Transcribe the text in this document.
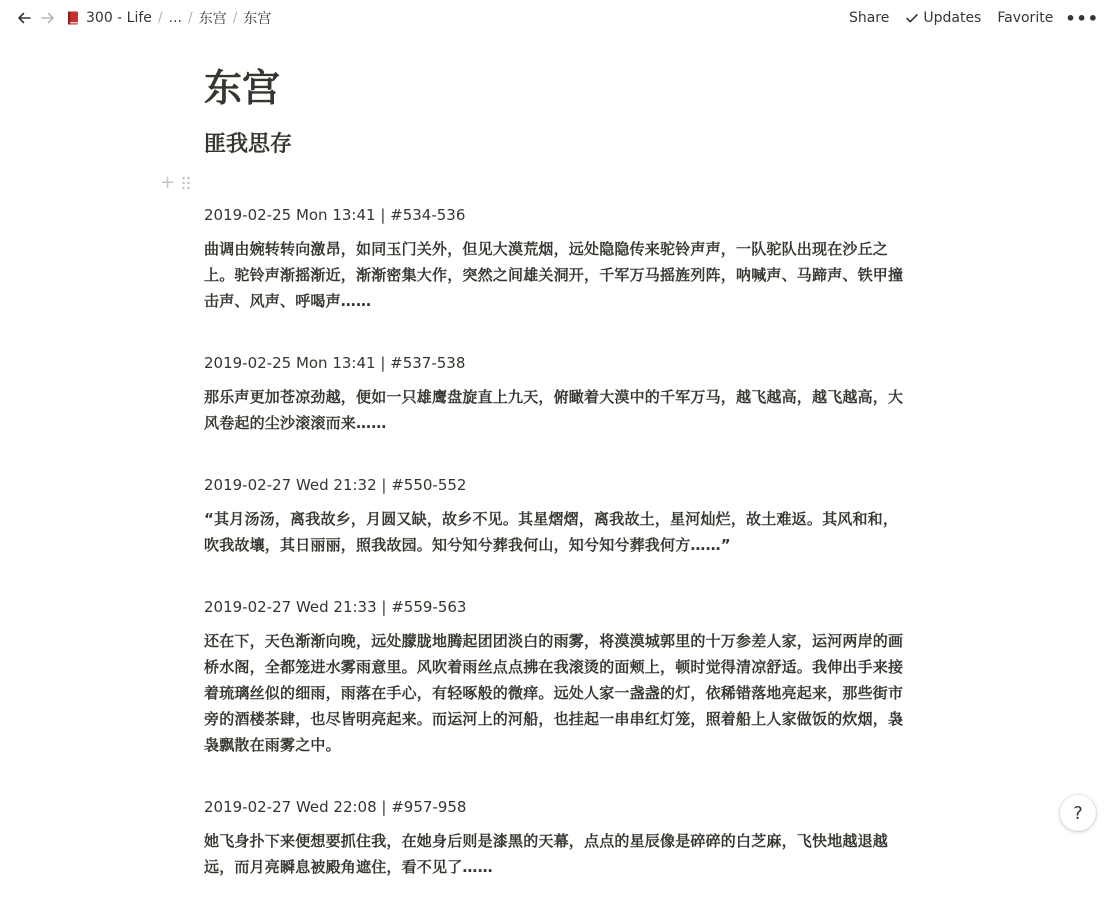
300 - Life / ... / 东宫 / 东宫	Share	Updates	Favorite •••
东宫
匪我思存
+
2019-02-25 Mon 13:41 | #534-536
曲调由婉转转向激昂，如同玉门关外，但见大漠荒烟，远处隐隐传来驼铃声声，一队驼队出现在沙丘之上。驼铃声渐摇渐近，渐渐密集大作，突然之间雄关洞开，千军万马摇旌列阵，呐喊声、马蹄声、铁甲撞击声、风声、呼喝声……
2019-02-25 Mon 13:41 | #537-538
那乐声更加苍凉劲越，便如一只雄鹰盘旋直上九天，俯瞰着大漠中的千军万马，越飞越高，越飞越高，大风卷起的尘沙滚滚而来……
2019-02-27 Wed 21:32 | #550-552
“其月汤汤，离我故乡，月圆又缺，故乡不见。其星熠熠，离我故土，星河灿烂，故土难返。其风和和，吹我故壤，其日丽丽，照我故园。知兮知兮葬我何山，知兮知兮葬我何方……”
2019-02-27 Wed 21:33 | #559-563
还在下，天色渐渐向晚，远处朦胧地腾起团团淡白的雨雾，将漠漠城郭里的十万参差人家，运河两岸的画桥水阁，全都笼进水雾雨意里。风吹着雨丝点点拂在我滚烫的面颊上，顿时觉得清凉舒适。我伸出手来接着琉璃丝似的细雨，雨落在手心，有轻啄般的微痒。远处人家一盏盏的灯，依稀错落地亮起来，那些街市旁的酒楼茶肆，也尽皆明亮起来。而运河上的河船，也挂起一串串红灯笼，照着船上人家做饭的炊烟，袅袅飘散在雨雾之中。
2019-02-27 Wed 22:08 | #957-958
她飞身扑下来便想要抓住我，在她身后则是漆黑的天幕，点点的星辰像是碎碎的白芝麻，飞快地越退越远，而月亮瞬息被殿角遮住，看不见了……
?
